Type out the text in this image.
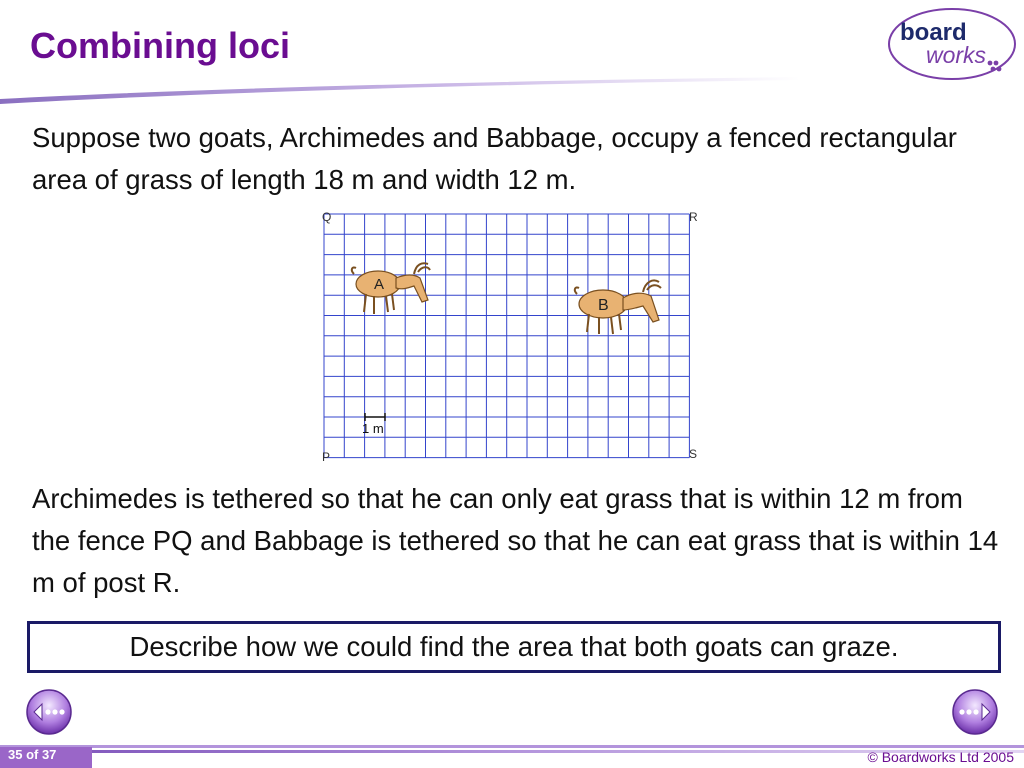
Combining loci	board
works
Suppose two goats, Archimedes and Babbage, occupy a fenced rectangular area of grass of length 18 m and width 12 m.
Q	R
P	S
1 m
A
B
Archimedes is tethered so that he can only eat grass that is within 12 m from the fence PQ and Babbage is tethered so that he can eat grass that is within 14 m of post R.
Describe how we could find the area that both goats can graze.
35 of 37	© Boardworks Ltd 2005
